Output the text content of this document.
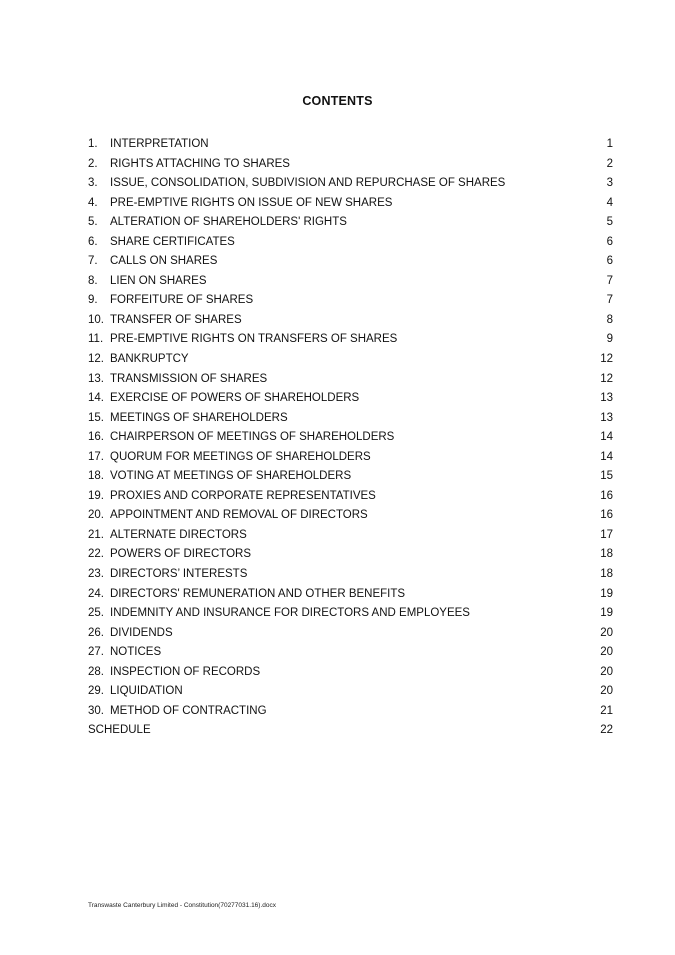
CONTENTS
1. INTERPRETATION	1
2. RIGHTS ATTACHING TO SHARES	2
3. ISSUE, CONSOLIDATION, SUBDIVISION AND REPURCHASE OF SHARES	3
4. PRE-EMPTIVE RIGHTS ON ISSUE OF NEW SHARES	4
5. ALTERATION OF SHAREHOLDERS' RIGHTS	5
6. SHARE CERTIFICATES	6
7. CALLS ON SHARES	6
8. LIEN ON SHARES	7
9. FORFEITURE OF SHARES	7
10. TRANSFER OF SHARES	8
11. PRE-EMPTIVE RIGHTS ON TRANSFERS OF SHARES	9
12. BANKRUPTCY	12
13. TRANSMISSION OF SHARES	12
14. EXERCISE OF POWERS OF SHAREHOLDERS	13
15. MEETINGS OF SHAREHOLDERS	13
16. CHAIRPERSON OF MEETINGS OF SHAREHOLDERS	14
17. QUORUM FOR MEETINGS OF SHAREHOLDERS	14
18. VOTING AT MEETINGS OF SHAREHOLDERS	15
19. PROXIES AND CORPORATE REPRESENTATIVES	16
20. APPOINTMENT AND REMOVAL OF DIRECTORS	16
21. ALTERNATE DIRECTORS	17
22. POWERS OF DIRECTORS	18
23. DIRECTORS’ INTERESTS	18
24. DIRECTORS' REMUNERATION AND OTHER BENEFITS	19
25. INDEMNITY AND INSURANCE FOR DIRECTORS AND EMPLOYEES	19
26. DIVIDENDS	20
27. NOTICES	20
28. INSPECTION OF RECORDS	20
29. LIQUIDATION	20
30. METHOD OF CONTRACTING	21
SCHEDULE	22
Transwaste Canterbury Limited - Constitution(70277031.16).docx
